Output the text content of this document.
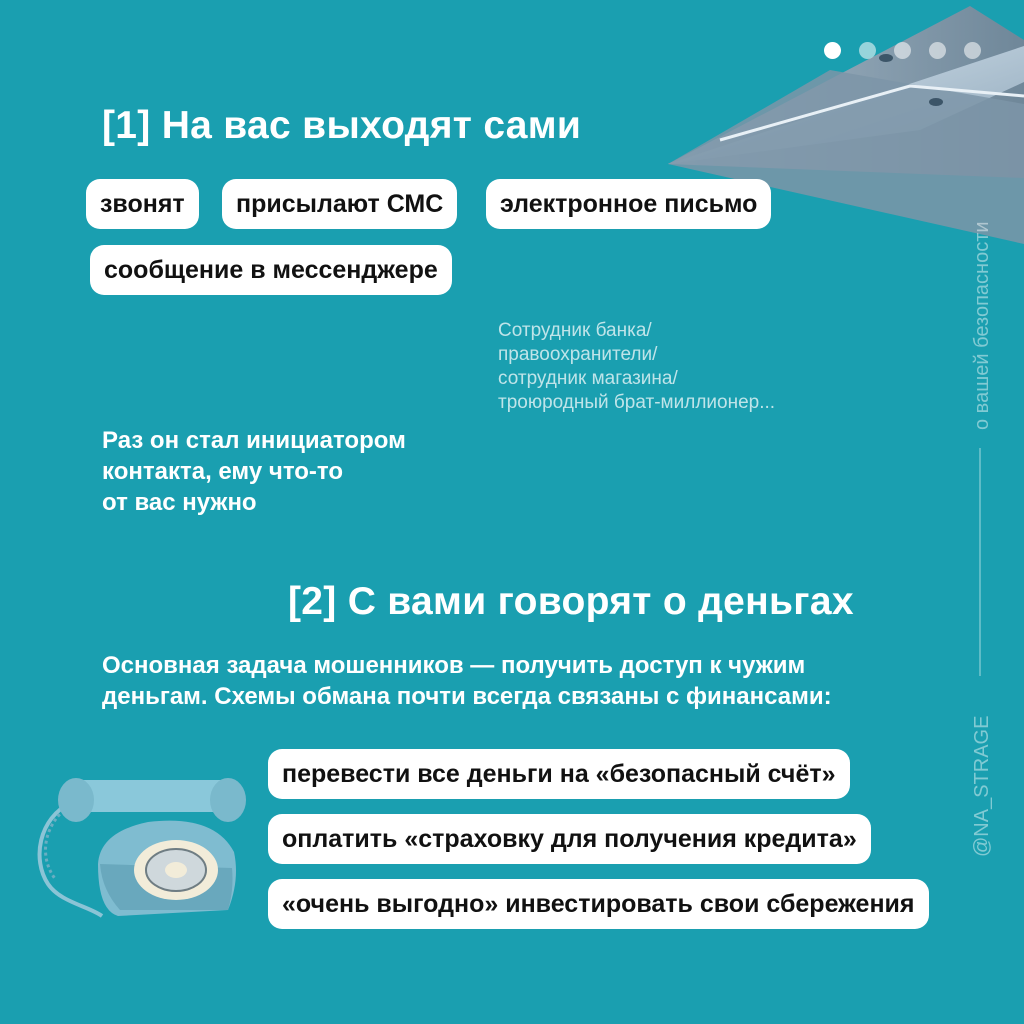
[1] На вас выходят сами
звонят	присылают СМС	электронное письмо
сообщение в мессенджере
Сотрудник банка/
правоохранители/
сотрудник магазина/
троюродный брат-миллионер...
Раз он стал инициатором
контакта, ему что-то
от вас нужно
[2] С вами говорят о деньгах
Основная задача мошенников — получить доступ к чужим
деньгам. Схемы обмана почти всегда связаны с финансами:
перевести все деньги на «безопасный счёт»
оплатить «страховку для получения кредита»
«очень выгодно» инвестировать свои сбережения
@NA_STRAGE
о вашей безопасности
